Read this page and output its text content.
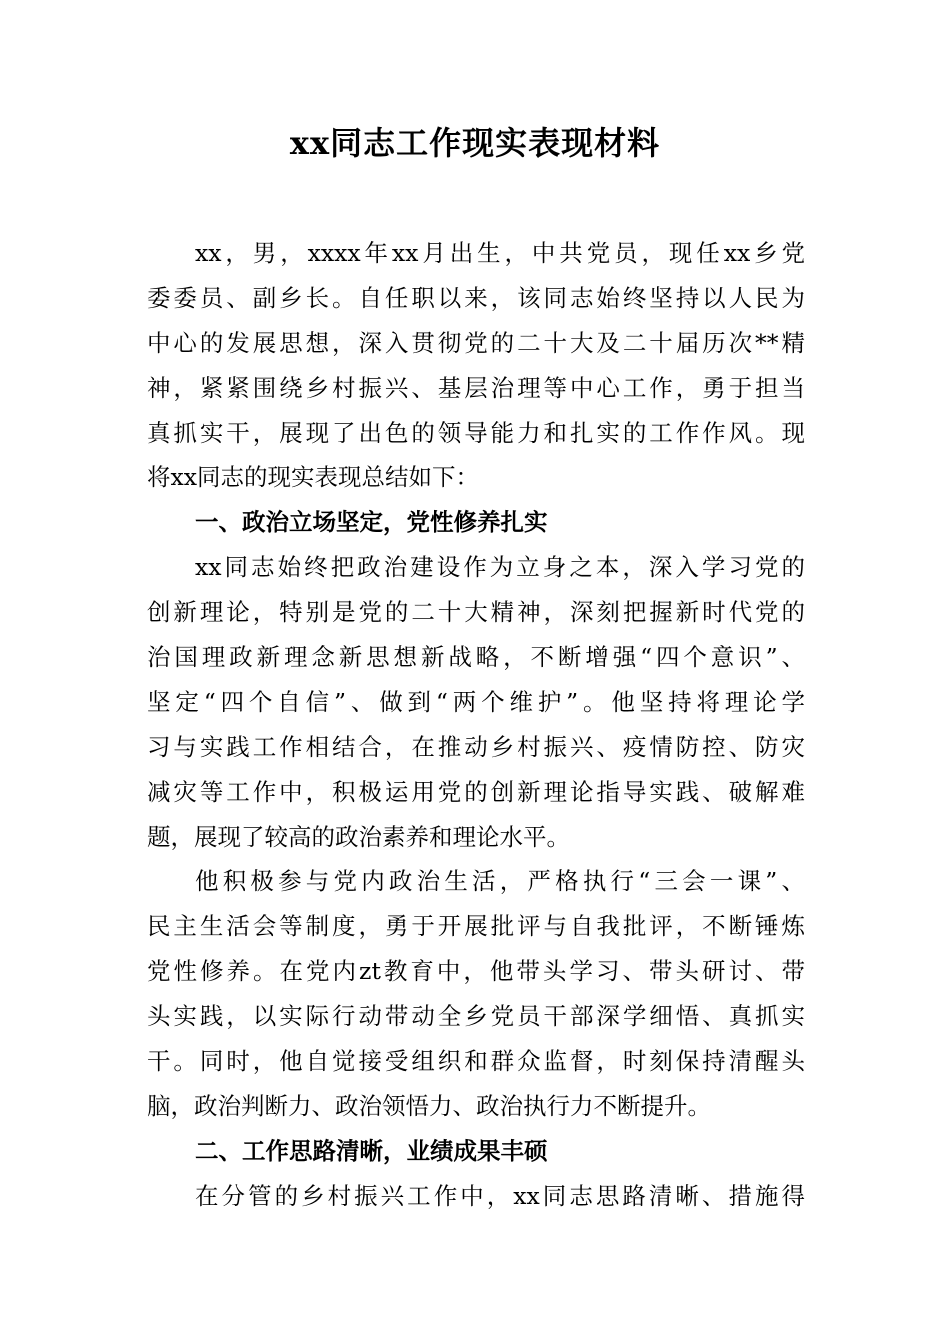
xx同志工作现实表现材料
xx，男，xxxx年xx月出生，中共党员，现任xx乡党
委委员、副乡长。自任职以来，该同志始终坚持以人民为
中心的发展思想，深入贯彻党的二十大及二十届历次**精
神，紧紧围绕乡村振兴、基层治理等中心工作，勇于担当
真抓实干，展现了出色的领导能力和扎实的工作作风。现
将xx同志的现实表现总结如下：
一、政治立场坚定，党性修养扎实
xx同志始终把政治建设作为立身之本，深入学习党的
创新理论，特别是党的二十大精神，深刻把握新时代党的
治国理政新理念新思想新战略，不断增强“四个意识”、
坚定“四个自信”、做到“两个维护”。他坚持将理论学
习与实践工作相结合，在推动乡村振兴、疫情防控、防灾
减灾等工作中，积极运用党的创新理论指导实践、破解难
题，展现了较高的政治素养和理论水平。
他积极参与党内政治生活，严格执行“三会一课”、
民主生活会等制度，勇于开展批评与自我批评，不断锤炼
党性修养。在党内zt教育中，他带头学习、带头研讨、带
头实践，以实际行动带动全乡党员干部深学细悟、真抓实
干。同时，他自觉接受组织和群众监督，时刻保持清醒头
脑，政治判断力、政治领悟力、政治执行力不断提升。
二、工作思路清晰，业绩成果丰硕
在分管的乡村振兴工作中，xx同志思路清晰、措施得
